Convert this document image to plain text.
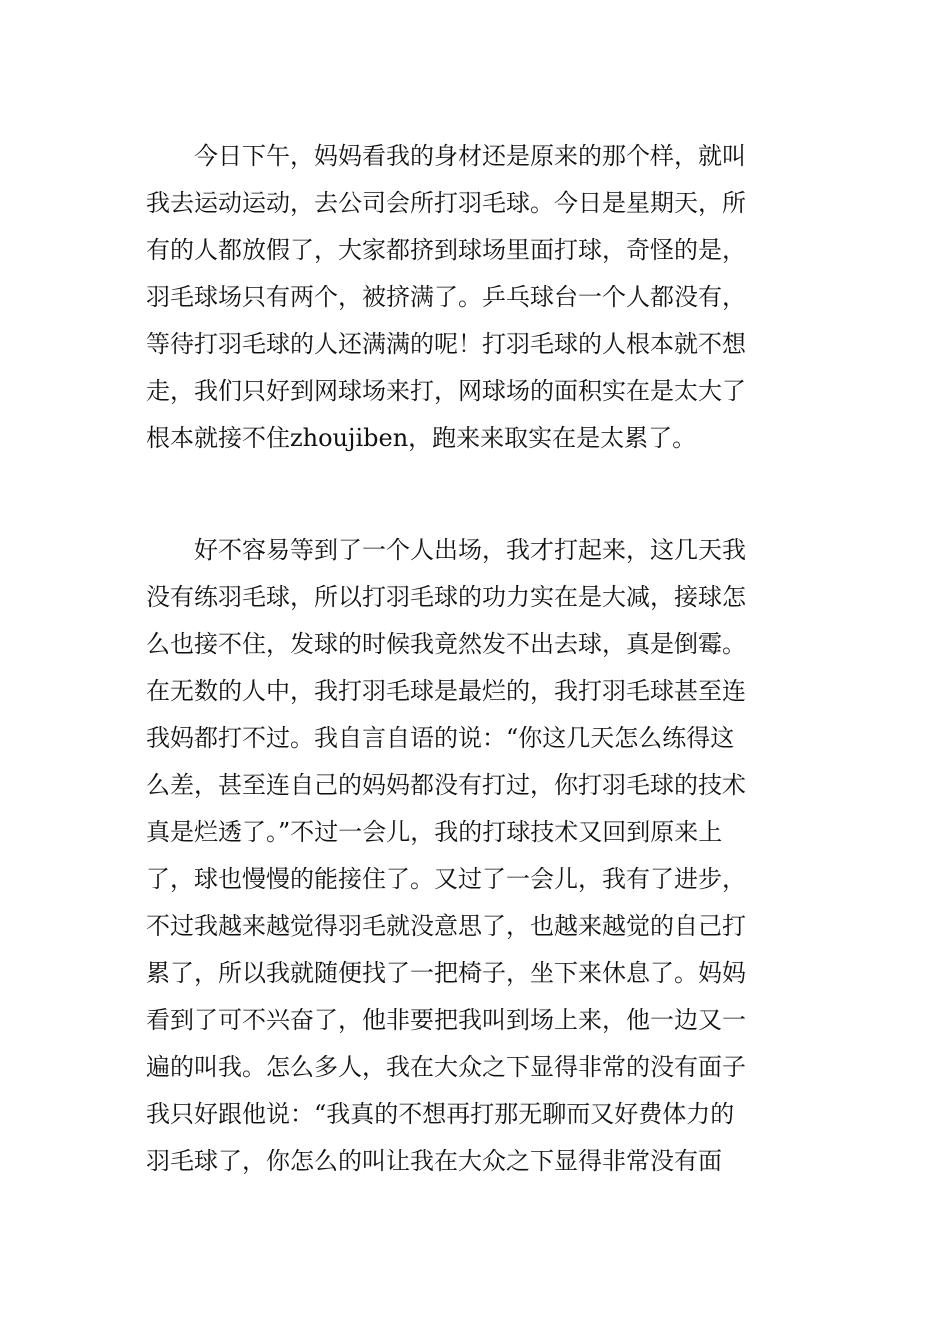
今日下午，妈妈看我的身材还是原来的那个样，就叫
我去运动运动，去公司会所打羽毛球。今日是星期天，所
有的人都放假了，大家都挤到球场里面打球，奇怪的是，
羽毛球场只有两个，被挤满了。乒乓球台一个人都没有，
等待打羽毛球的人还满满的呢！打羽毛球的人根本就不想
走，我们只好到网球场来打，网球场的面积实在是太大了
根本就接不住zhoujiben，跑来来取实在是太累了。
好不容易等到了一个人出场，我才打起来，这几天我
没有练羽毛球，所以打羽毛球的功力实在是大减，接球怎
么也接不住，发球的时候我竟然发不出去球，真是倒霉。
在无数的人中，我打羽毛球是最烂的，我打羽毛球甚至连
我妈都打不过。我自言自语的说：“你这几天怎么练得这
么差，甚至连自己的妈妈都没有打过，你打羽毛球的技术
真是烂透了。”不过一会儿，我的打球技术又回到原来上
了，球也慢慢的能接住了。又过了一会儿，我有了进步，
不过我越来越觉得羽毛就没意思了，也越来越觉的自己打
累了，所以我就随便找了一把椅子，坐下来休息了。妈妈
看到了可不兴奋了，他非要把我叫到场上来，他一边又一
遍的叫我。怎么多人，我在大众之下显得非常的没有面子
我只好跟他说：“我真的不想再打那无聊而又好费体力的
羽毛球了，你怎么的叫让我在大众之下显得非常没有面
